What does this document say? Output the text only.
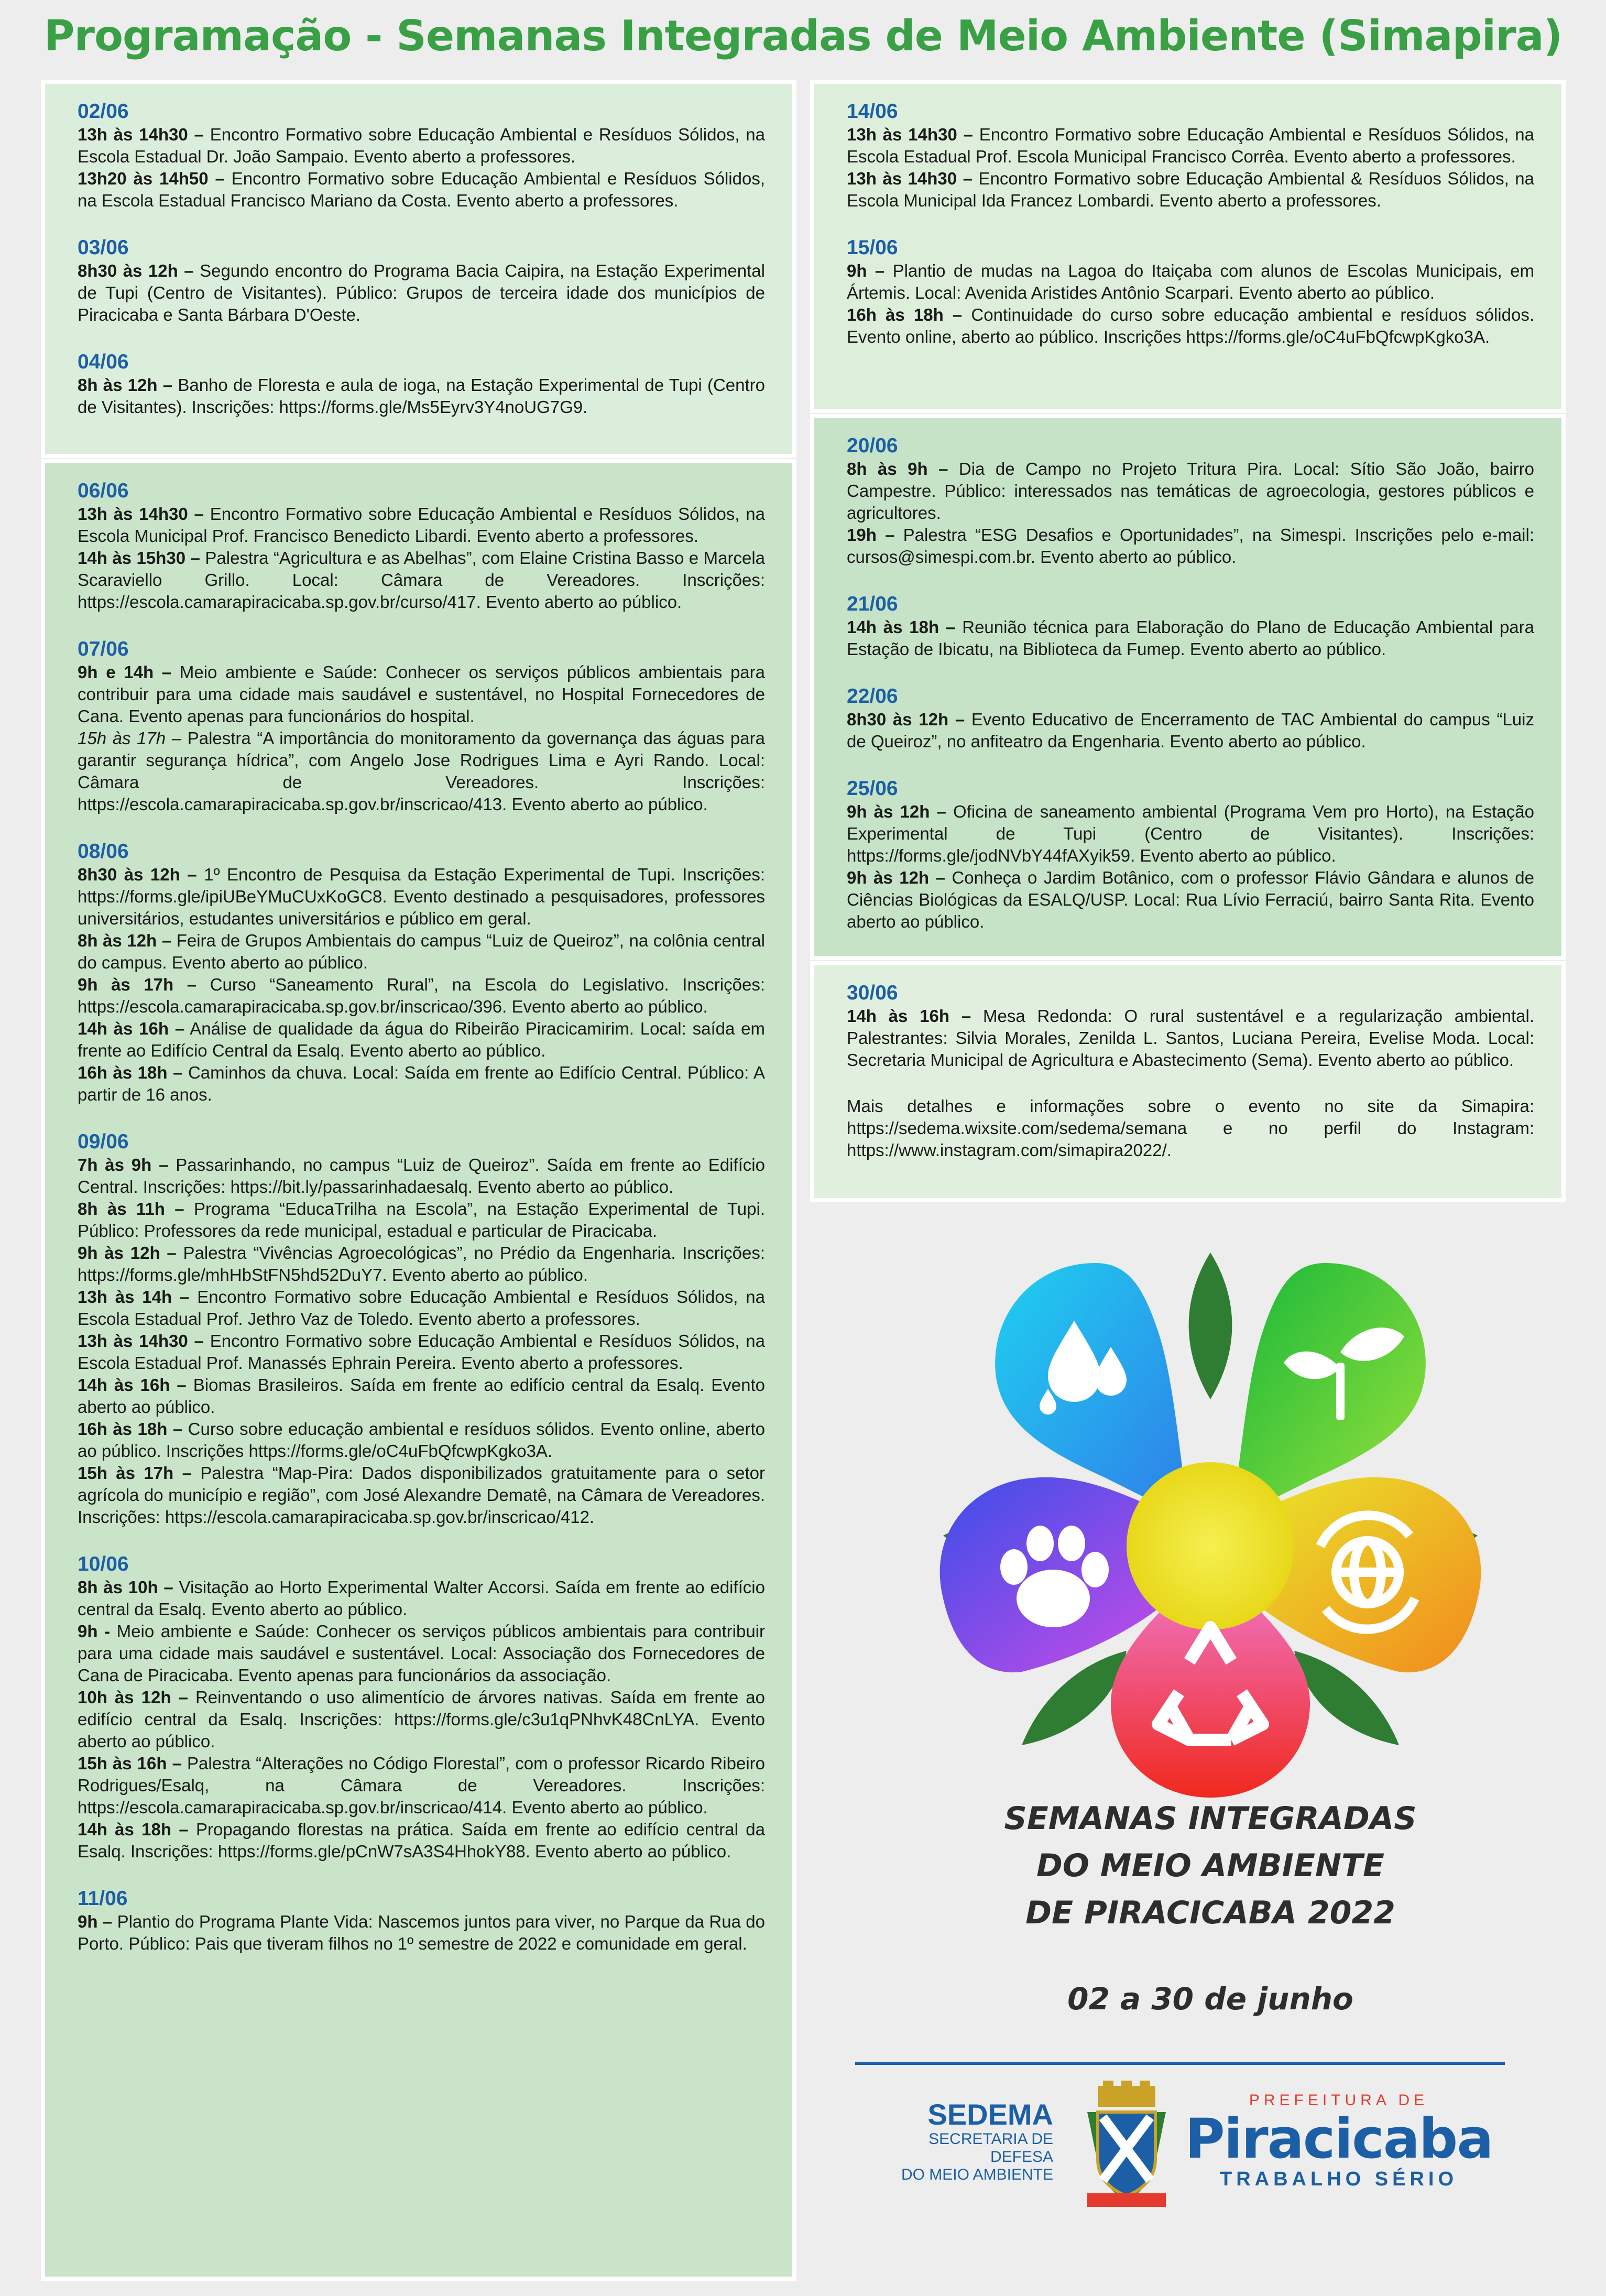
Programação - Semanas Integradas de Meio Ambiente (Simapira)
02/06
13h às 14h30 – Encontro Formativo sobre Educação Ambiental e Resíduos Sólidos, na Escola Estadual Dr. João Sampaio. Evento aberto a professores.
13h20 às 14h50 – Encontro Formativo sobre Educação Ambiental e Resíduos Sólidos, na Escola Estadual Francisco Mariano da Costa. Evento aberto a professores.
03/06
8h30 às 12h – Segundo encontro do Programa Bacia Caipira, na Estação Experimental de Tupi (Centro de Visitantes). Público: Grupos de terceira idade dos municípios de Piracicaba e Santa Bárbara D'Oeste.
04/06
8h às 12h – Banho de Floresta e aula de ioga, na Estação Experimental de Tupi (Centro de Visitantes). Inscrições: https://forms.gle/Ms5Eyrv3Y4noUG7G9.
06/06
13h às 14h30 – Encontro Formativo sobre Educação Ambiental e Resíduos Sólidos, na Escola Municipal Prof. Francisco Benedicto Libardi. Evento aberto a professores.
14h às 15h30 – Palestra “Agricultura e as Abelhas”, com Elaine Cristina Basso e Marcela Scaraviello Grillo. Local: Câmara de Vereadores. Inscrições: https://escola.camarapiracicaba.sp.gov.br/curso/417. Evento aberto ao público.
07/06
9h e 14h – Meio ambiente e Saúde: Conhecer os serviços públicos ambientais para contribuir para uma cidade mais saudável e sustentável, no Hospital Fornecedores de Cana. Evento apenas para funcionários do hospital.
15h às 17h – Palestra “A importância do monitoramento da governança das águas para garantir segurança hídrica”, com Angelo Jose Rodrigues Lima e Ayri Rando. Local: Câmara de Vereadores. Inscrições: https://escola.camarapiracicaba.sp.gov.br/inscricao/413. Evento aberto ao público.
08/06
8h30 às 12h – 1º Encontro de Pesquisa da Estação Experimental de Tupi. Inscrições: https://forms.gle/ipiUBeYMuCUxKoGC8. Evento destinado a pesquisadores, professores universitários, estudantes universitários e público em geral.
8h às 12h – Feira de Grupos Ambientais do campus “Luiz de Queiroz”, na colônia central do campus. Evento aberto ao público.
9h às 17h – Curso “Saneamento Rural”, na Escola do Legislativo. Inscrições: https://escola.camarapiracicaba.sp.gov.br/inscricao/396. Evento aberto ao público.
14h às 16h – Análise de qualidade da água do Ribeirão Piracicamirim. Local: saída em frente ao Edifício Central da Esalq. Evento aberto ao público.
16h às 18h – Caminhos da chuva. Local: Saída em frente ao Edifício Central. Público: A partir de 16 anos.
09/06
7h às 9h – Passarinhando, no campus “Luiz de Queiroz”. Saída em frente ao Edifício Central. Inscrições: https://bit.ly/passarinhadaesalq. Evento aberto ao público.
8h às 11h – Programa “EducaTrilha na Escola”, na Estação Experimental de Tupi. Público: Professores da rede municipal, estadual e particular de Piracicaba.
9h às 12h – Palestra “Vivências Agroecológicas”, no Prédio da Engenharia. Inscrições: https://forms.gle/mhHbStFN5hd52DuY7. Evento aberto ao público.
13h às 14h – Encontro Formativo sobre Educação Ambiental e Resíduos Sólidos, na Escola Estadual Prof. Jethro Vaz de Toledo. Evento aberto a professores.
13h às 14h30 – Encontro Formativo sobre Educação Ambiental e Resíduos Sólidos, na Escola Estadual Prof. Manassés Ephrain Pereira. Evento aberto a professores.
14h às 16h – Biomas Brasileiros. Saída em frente ao edifício central da Esalq. Evento aberto ao público.
16h às 18h – Curso sobre educação ambiental e resíduos sólidos. Evento online, aberto ao público. Inscrições https://forms.gle/oC4uFbQfcwpKgko3A.
15h às 17h – Palestra “Map-Pira: Dados disponibilizados gratuitamente para o setor agrícola do município e região”, com José Alexandre Dematê, na Câmara de Vereadores. Inscrições: https://escola.camarapiracicaba.sp.gov.br/inscricao/412.
10/06
8h às 10h – Visitação ao Horto Experimental Walter Accorsi. Saída em frente ao edifício central da Esalq. Evento aberto ao público.
9h - Meio ambiente e Saúde: Conhecer os serviços públicos ambientais para contribuir para uma cidade mais saudável e sustentável. Local: Associação dos Fornecedores de Cana de Piracicaba. Evento apenas para funcionários da associação.
10h às 12h – Reinventando o uso alimentício de árvores nativas. Saída em frente ao edifício central da Esalq. Inscrições: https://forms.gle/c3u1qPNhvK48CnLYA. Evento aberto ao público.
15h às 16h – Palestra “Alterações no Código Florestal”, com o professor Ricardo Ribeiro Rodrigues/Esalq, na Câmara de Vereadores. Inscrições: https://escola.camarapiracicaba.sp.gov.br/inscricao/414. Evento aberto ao público.
14h às 18h – Propagando florestas na prática. Saída em frente ao edifício central da Esalq. Inscrições: https://forms.gle/pCnW7sA3S4HhokY88. Evento aberto ao público.
11/06
9h – Plantio do Programa Plante Vida: Nascemos juntos para viver, no Parque da Rua do Porto. Público: Pais que tiveram filhos no 1º semestre de 2022 e comunidade em geral.
14/06
13h às 14h30 – Encontro Formativo sobre Educação Ambiental e Resíduos Sólidos, na Escola Estadual Prof. Escola Municipal Francisco Corrêa. Evento aberto a professores.
13h às 14h30 – Encontro Formativo sobre Educação Ambiental & Resíduos Sólidos, na Escola Municipal Ida Francez Lombardi. Evento aberto a professores.
15/06
9h – Plantio de mudas na Lagoa do Itaiçaba com alunos de Escolas Municipais, em Ártemis. Local: Avenida Aristides Antônio Scarpari. Evento aberto ao público.
16h às 18h – Continuidade do curso sobre educação ambiental e resíduos sólidos. Evento online, aberto ao público. Inscrições https://forms.gle/oC4uFbQfcwpKgko3A.
20/06
8h às 9h – Dia de Campo no Projeto Tritura Pira. Local: Sítio São João, bairro Campestre. Público: interessados nas temáticas de agroecologia, gestores públicos e agricultores.
19h – Palestra “ESG Desafios e Oportunidades”, na Simespi. Inscrições pelo e-mail: cursos@simespi.com.br. Evento aberto ao público.
21/06
14h às 18h – Reunião técnica para Elaboração do Plano de Educação Ambiental para Estação de Ibicatu, na Biblioteca da Fumep. Evento aberto ao público.
22/06
8h30 às 12h – Evento Educativo de Encerramento de TAC Ambiental do campus “Luiz de Queiroz”, no anfiteatro da Engenharia. Evento aberto ao público.
25/06
9h às 12h – Oficina de saneamento ambiental (Programa Vem pro Horto), na Estação Experimental de Tupi (Centro de Visitantes). Inscrições: https://forms.gle/jodNVbY44fAXyik59. Evento aberto ao público.
9h às 12h – Conheça o Jardim Botânico, com o professor Flávio Gândara e alunos de Ciências Biológicas da ESALQ/USP. Local: Rua Lívio Ferraciú, bairro Santa Rita. Evento aberto ao público.
30/06
14h às 16h – Mesa Redonda: O rural sustentável e a regularização ambiental. Palestrantes: Silvia Morales, Zenilda L. Santos, Luciana Pereira, Evelise Moda. Local: Secretaria Municipal de Agricultura e Abastecimento (Sema). Evento aberto ao público.
Mais detalhes e informações sobre o evento no site da Simapira: https://sedema.wixsite.com/sedema/semana e no perfil do Instagram: https://www.instagram.com/simapira2022/.
SEMANAS INTEGRADAS
DO MEIO AMBIENTE
DE PIRACICABA 2022
02 a 30 de junho
SEDEMA
SECRETARIA DE DEFESA
DO MEIO AMBIENTE
PREFEITURA DE
Piracicaba
TRABALHO SÉRIO
